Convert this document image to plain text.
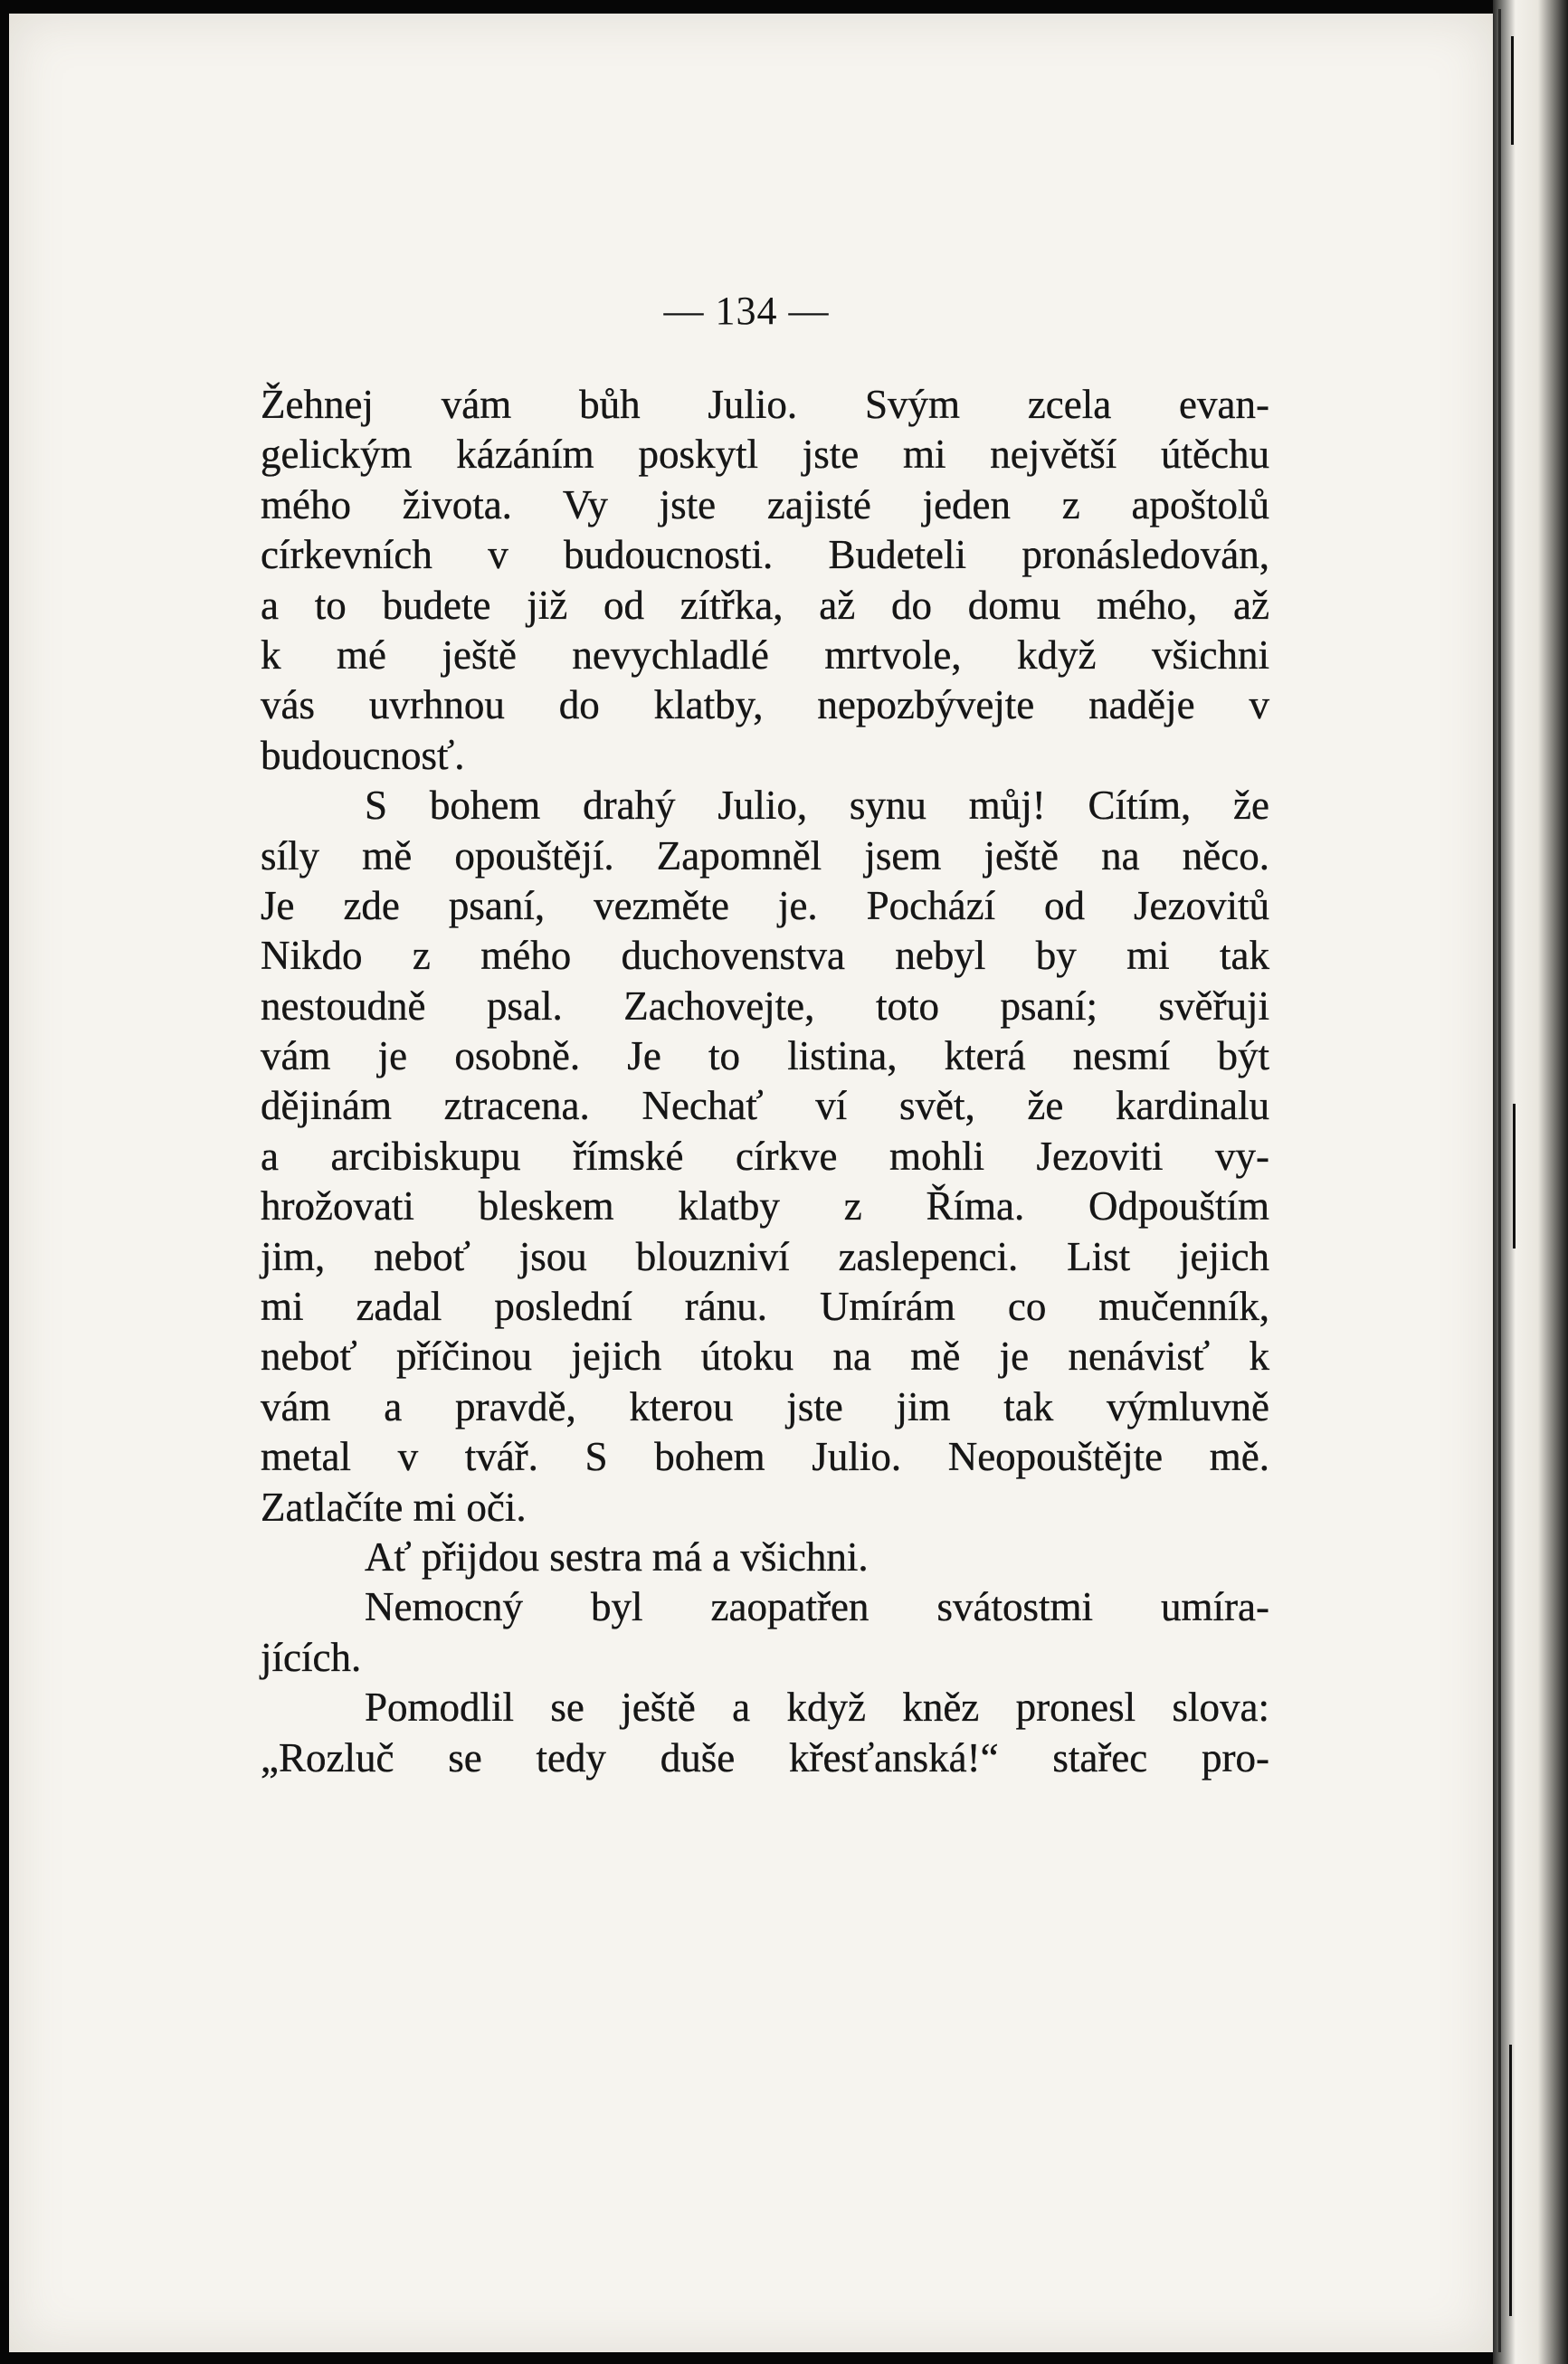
— 134 —
Žehnej vám bůh Julio. Svým zcela evan-
gelickým kázáním poskytl jste mi největší útěchu
mého života. Vy jste zajisté jeden z apoštolů
církevních v budoucnosti. Budeteli pronásledován,
a to budete již od zítřka, až do domu mého, až
k mé ještě nevychladlé mrtvole, když všichni
vás uvrhnou do klatby, nepozbývejte naděje v
budoucnosť.
S bohem drahý Julio, synu můj! Cítím, že
síly mě opouštějí. Zapomněl jsem ještě na něco.
Je zde psaní, vezměte je. Pochází od Jezovitů
Nikdo z mého duchovenstva nebyl by mi tak
nestoudně psal. Zachovejte, toto psaní; svěřuji
vám je osobně. Je to listina, která nesmí být
dějinám ztracena. Nechať ví svět, že kardinalu
a arcibiskupu římské církve mohli Jezoviti vy-
hrožovati bleskem klatby z Říma. Odpouštím
jim, neboť jsou blouzniví zaslepenci. List jejich
mi zadal poslední ránu. Umírám co mučenník,
neboť příčinou jejich útoku na mě je nenávisť k
vám a pravdě, kterou jste jim tak výmluvně
metal v tvář. S bohem Julio. Neopouštějte mě.
Zatlačíte mi oči.
Ať přijdou sestra má a všichni.
Nemocný byl zaopatřen svátostmi umíra-
jících.
Pomodlil se ještě a když kněz pronesl slova:
„Rozluč se tedy duše křesťanská!“ stařec pro-
